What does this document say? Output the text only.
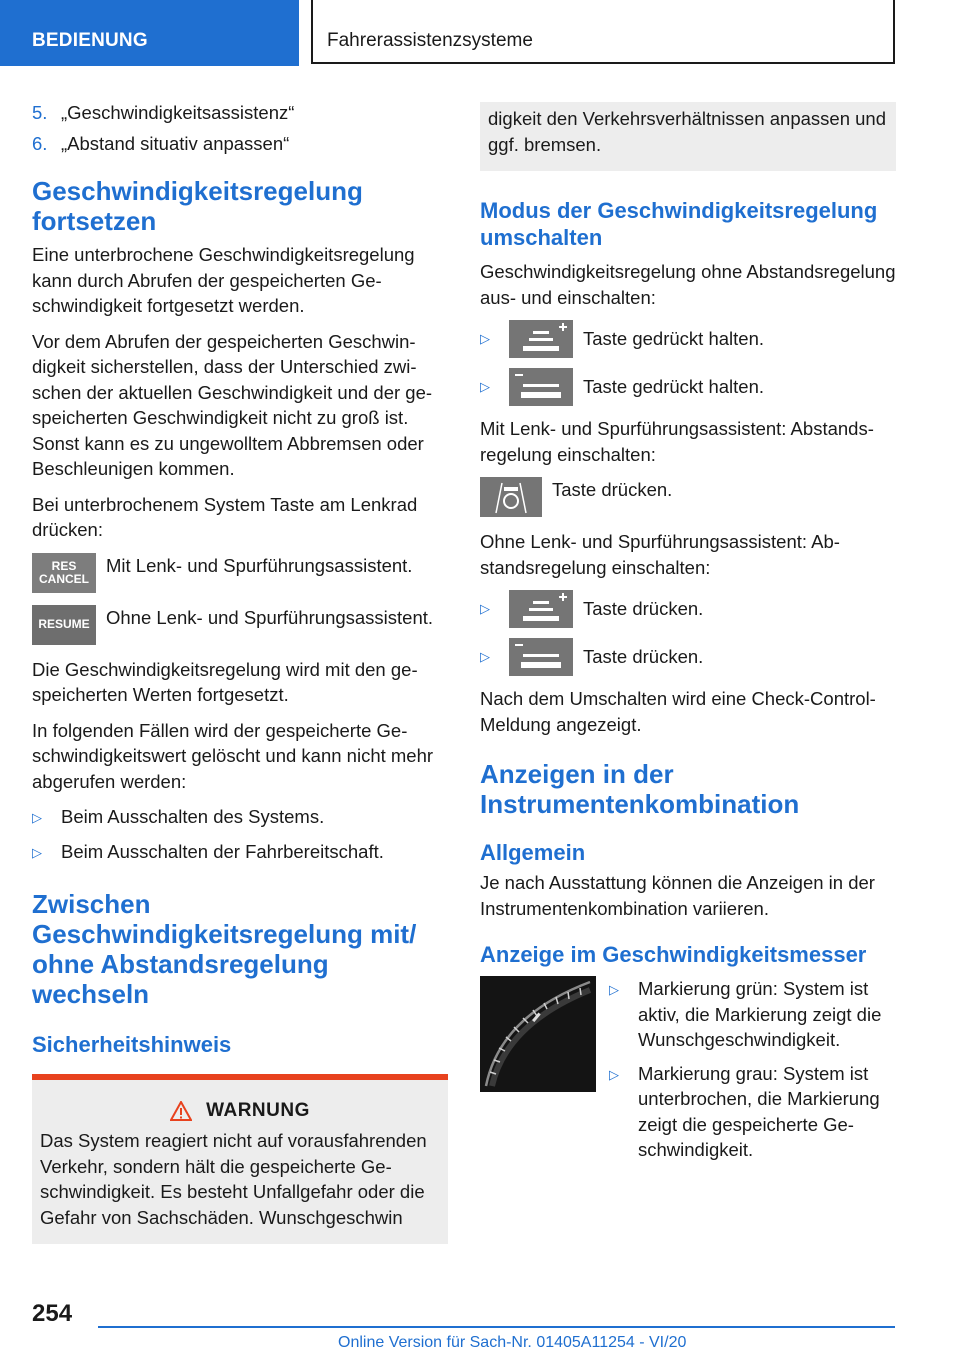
BEDIENUNG	Fahrerassistenzsysteme
5. „Geschwindigkeitsassistenz“
6. „Abstand situativ anpassen“
Geschwindigkeitsregelung fortsetzen

Eine unterbrochene Geschwindigkeitsregelung kann durch Abrufen der gespeicherten Geschwindigkeit fortgesetzt werden.

Vor dem Abrufen der gespeicherten Geschwindigkeit sicherstellen, dass der Unterschied zwischen der aktuellen Geschwindigkeit und der gespeicherten Geschwindigkeit nicht zu groß ist. Sonst kann es zu ungewolltem Abbremsen oder Beschleunigen kommen.

Bei unterbrochenem System Taste am Lenkrad drücken:

RES
CANCEL
Mit Lenk- und Spurführungsassistent.
RESUME Ohne Lenk- und Spurführungsassistent.

Die Geschwindigkeitsregelung wird mit den gespeicherten Werten fortgesetzt.

In folgenden Fällen wird der gespeicherte Geschwindigkeitswert gelöscht und kann nicht mehr abgerufen werden:

▷	Beim Ausschalten des Systems.
▷	Beim Ausschalten der Fahrbereitschaft.
Zwischen Geschwindigkeitsregelung mit/ ohne Abstandsregelung wechseln
Sicherheitshinweis
WARNUNG

Das System reagiert nicht auf vorausfahrenden Verkehr, sondern hält die gespeicherte Geschwindigkeit. Es besteht Unfallgefahr oder die Gefahr von Sachschäden. Wunschgeschwin

digkeit den Verkehrsverhältnissen anpassen und ggf. bremsen.

Modus der Geschwindigkeitsregelung umschalten

Geschwindigkeitsregelung ohne Abstandsregelung aus- und einschalten:

▷	Taste gedrückt halten.
▷	Taste gedrückt halten.

Mit Lenk- und Spurführungsassistent: Abstandsregelung einschalten:

Taste drücken.

Ohne Lenk- und Spurführungsassistent: Abstandsregelung einschalten:

▷	Taste drücken.
▷	Taste drücken.

Nach dem Umschalten wird eine Check-Control-Meldung angezeigt.

Anzeigen in der Instrumentenkombination
Allgemein

Je nach Ausstattung können die Anzeigen in der Instrumentenkombination variieren.

Anzeige im Geschwindigkeitsmesser
▷	Markierung grün: System ist aktiv, die Markierung zeigt die Wunschgeschwindigkeit.
▷	Markierung grau: System ist unterbrochen, die Markierung zeigt die gespeicherte Geschwindigkeit.
254
Online Version für Sach-Nr. 01405A11254 - VI/20
